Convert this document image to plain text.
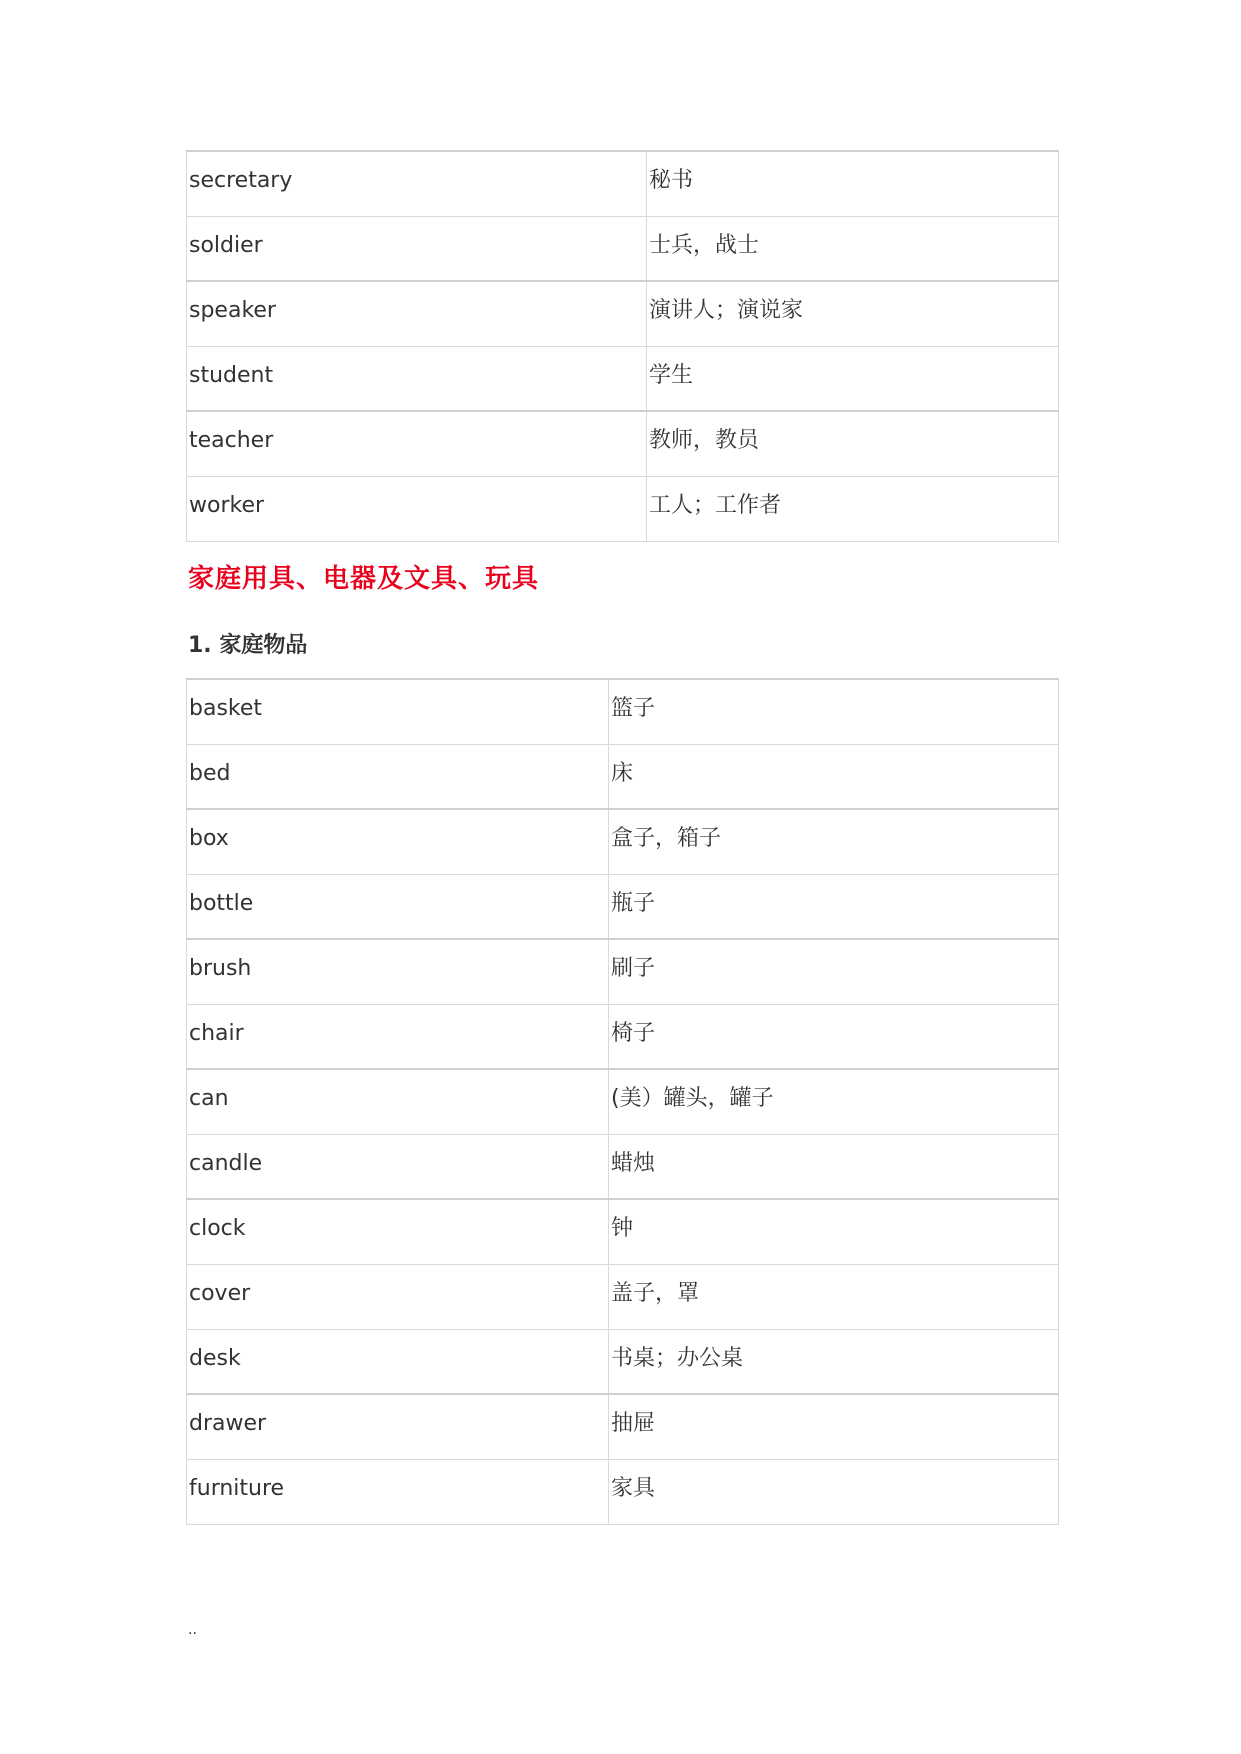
secretary	秘书
soldier	士兵，战士
speaker	演讲人；演说家
student	学生
teacher	教师，教员
worker	工人；工作者
家庭用具、电器及文具、玩具
1. 家庭物品
basket	篮子
bed	床
box	盒子，箱子
bottle	瓶子
brush	刷子
chair	椅子
can	(美）罐头，罐子
candle	蜡烛
clock	钟
cover	盖子，罩
desk	书桌；办公桌
drawer	抽屉
furniture	家具
..
